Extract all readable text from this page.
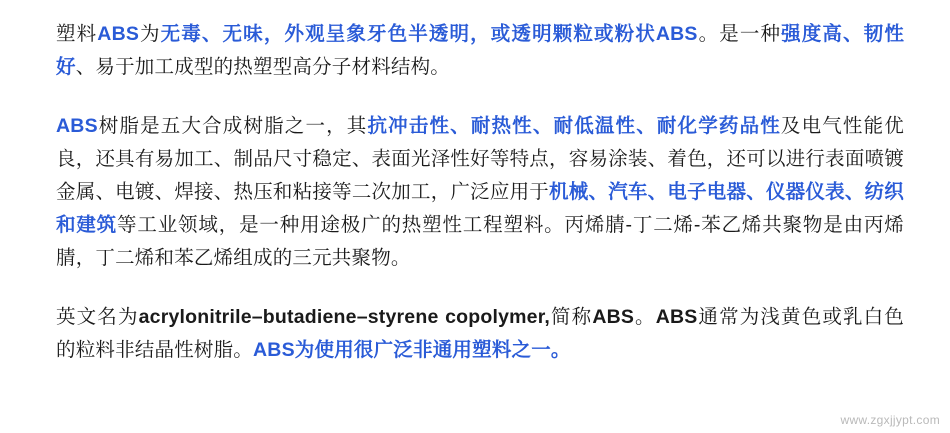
塑料ABS为无毒、无味，外观呈象牙色半透明，或透明颗粒或粉状ABS。是一种强度高、韧性好、易于加工成型的热塑型高分子材料结构。

ABS树脂是五大合成树脂之一，其抗冲击性、耐热性、耐低温性、耐化学药品性及电气性能优良，还具有易加工、制品尺寸稳定、表面光泽性好等特点，容易涂装、着色，还可以进行表面喷镀金属、电镀、焊接、热压和粘接等二次加工，广泛应用于机械、汽车、电子电器、仪器仪表、纺织和建筑等工业领域，是一种用途极广的热塑性工程塑料。丙烯腈-丁二烯-苯乙烯共聚物是由丙烯腈，丁二烯和苯乙烯组成的三元共聚物。

英文名为acrylonitrile–butadiene–styrene copolymer,简称ABS。ABS通常为浅黄色或乳白色的粒料非结晶性树脂。ABS为使用很广泛非通用塑料之一。

www.zgxjjypt.com
